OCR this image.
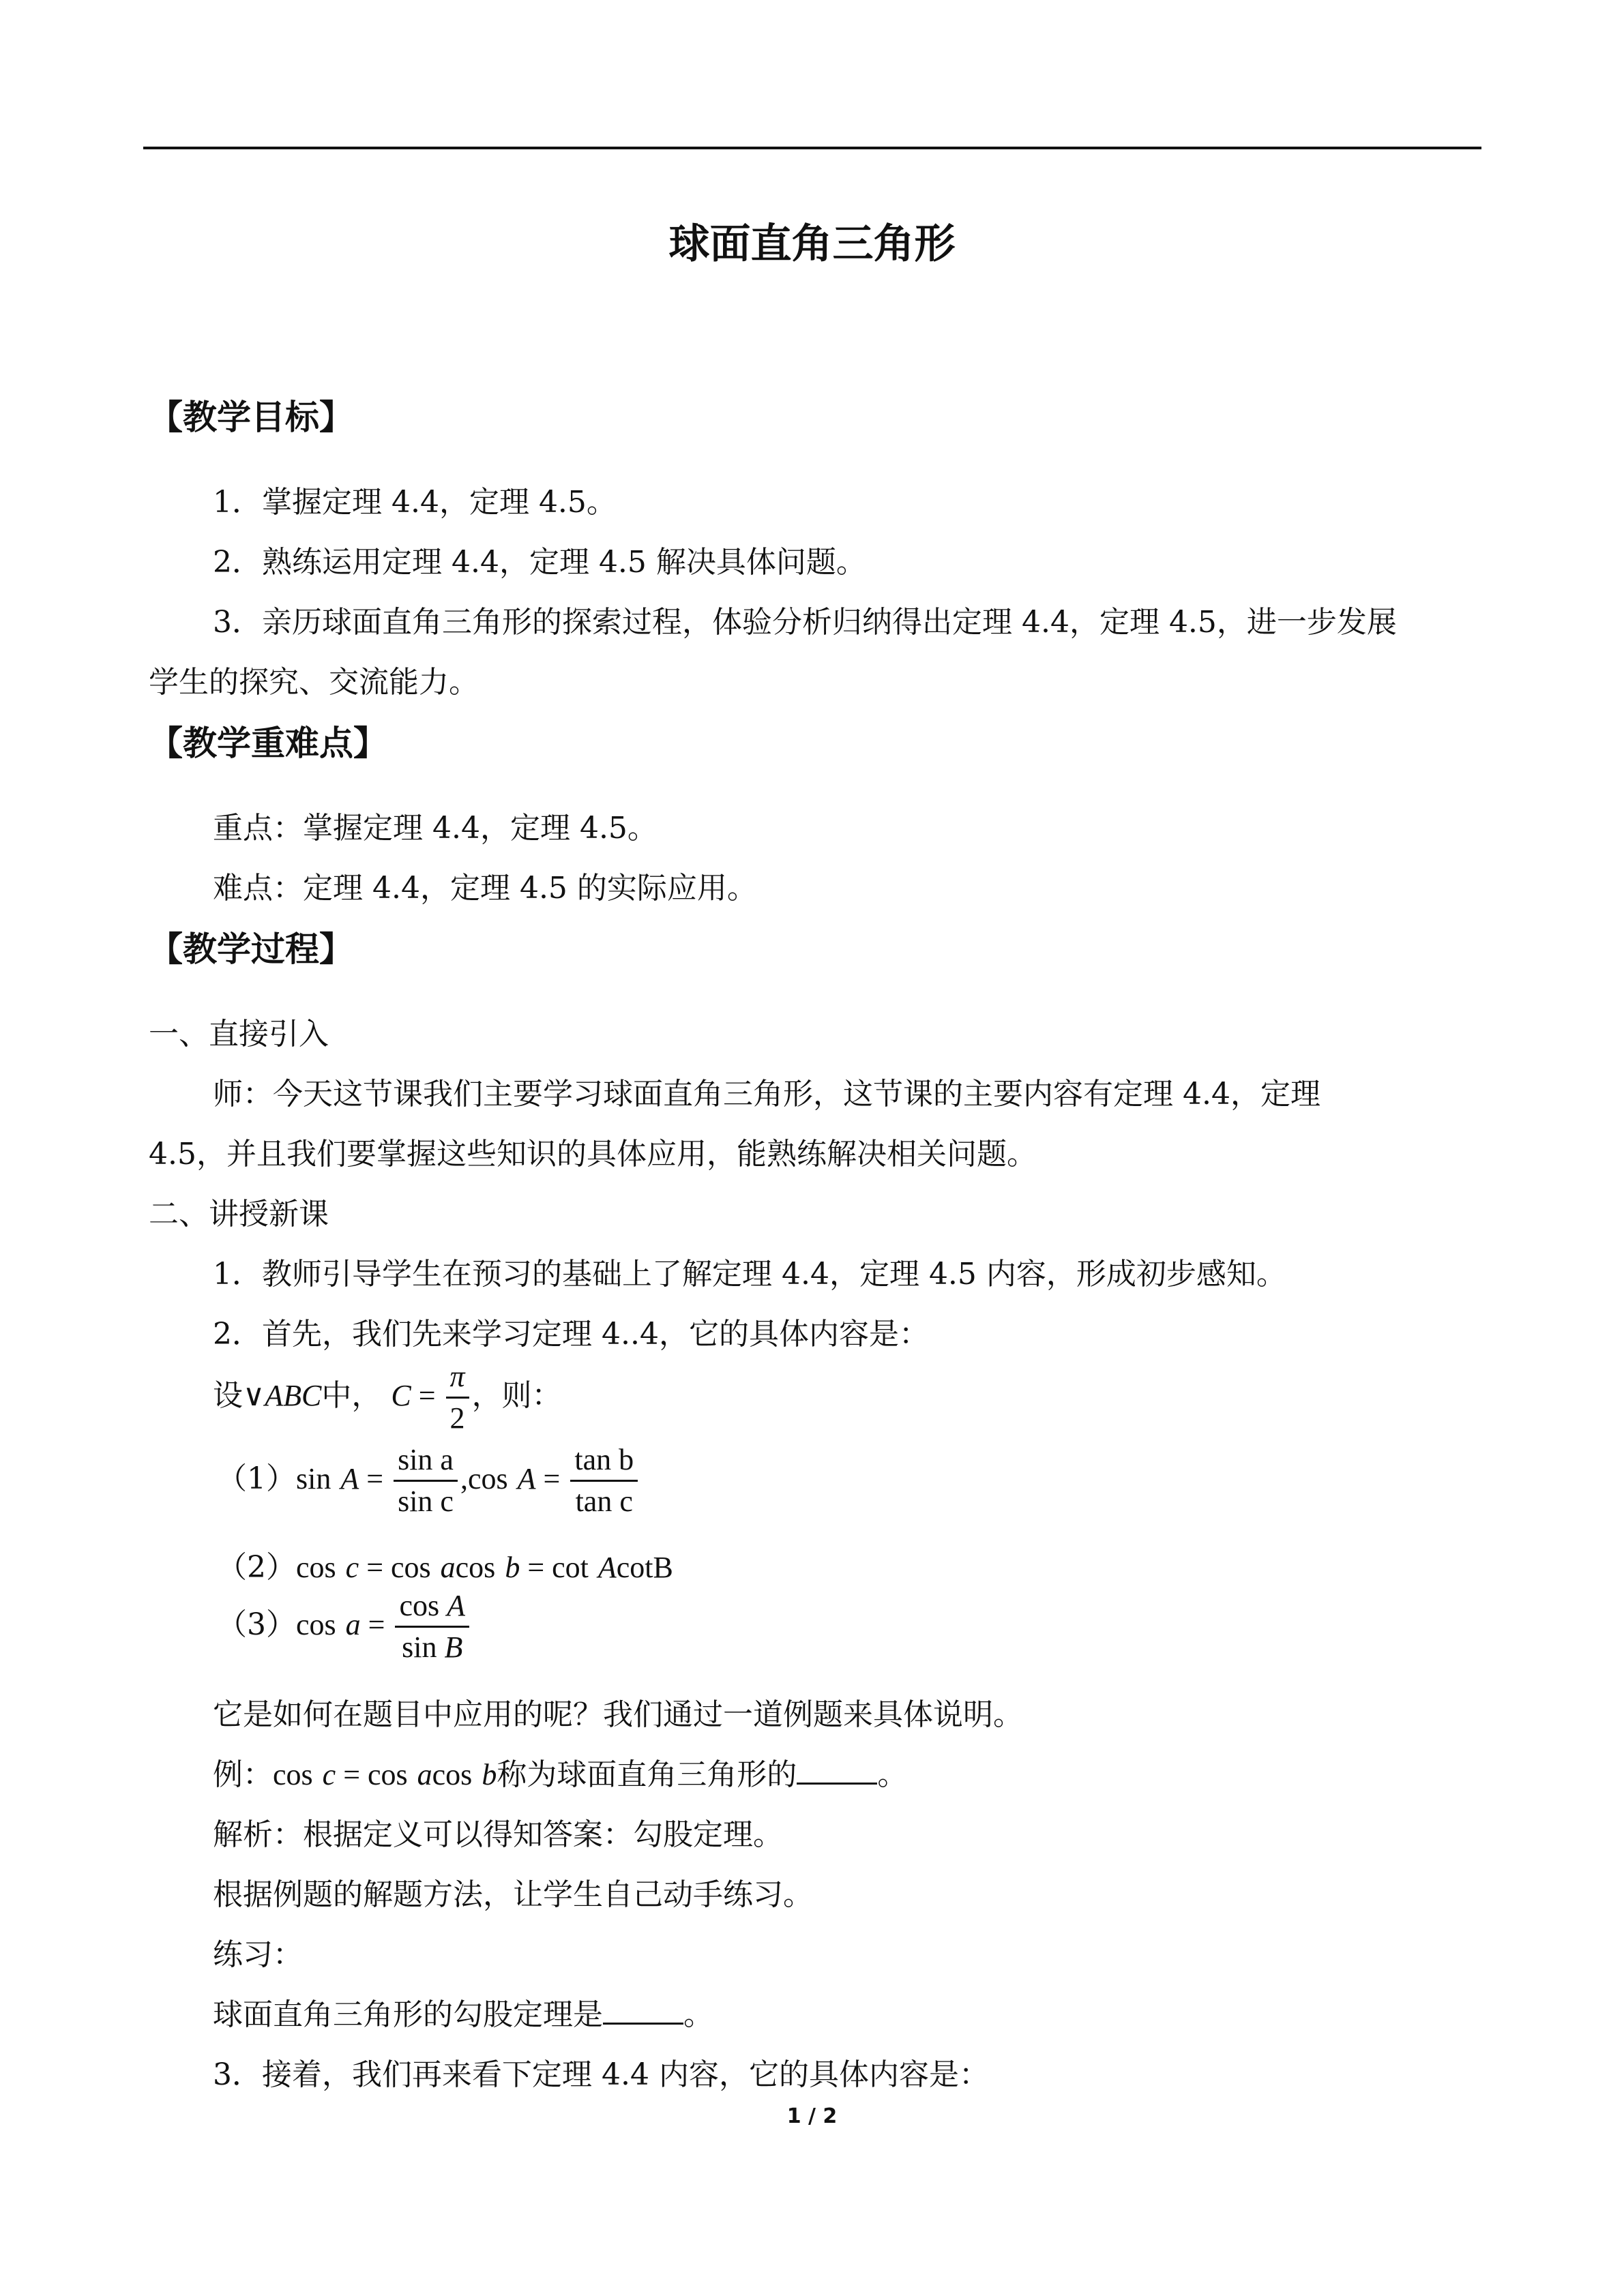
球面直角三角形
【教学目标】
1．掌握定理 4.4，定理 4.5。
2．熟练运用定理 4.4，定理 4.5 解决具体问题。
3．亲历球面直角三角形的探索过程，体验分析归纳得出定理 4.4，定理 4.5，进一步发展
学生的探究、交流能力。
【教学重难点】
重点：掌握定理 4.4，定理 4.5。
难点：定理 4.4，定理 4.5 的实际应用。
【教学过程】
一、直接引入
师：今天这节课我们主要学习球面直角三角形，这节课的主要内容有定理 4.4，定理
4.5，并且我们要掌握这些知识的具体应用，能熟练解决相关问题。
二、讲授新课
1．教师引导学生在预习的基础上了解定理 4.4，定理 4.5 内容，形成初步感知。
2．首先，我们先来学习定理 4..4，它的具体内容是：
设∨ABC中， $C = \frac{\pi}{2}$ ，则：
（1）sin $A = \frac{\text{sin a}}{\text{sin c}} ,\cos$ $A = \frac{\text{tan b}}{\text{tan c}}$
（2）cos c = cos acos b = cot AcotB
（3）cos $a = \frac{\text{cos A}}{\text{sin B}}$
它是如何在题目中应用的呢？我们通过一道例题来具体说明。
例：cos c = cos acos b称为球面直角三角形的	。
解析：根据定义可以得知答案：勾股定理。
根据例题的解题方法，让学生自己动手练习。
练习：
球面直角三角形的勾股定理是	。
3．接着，我们再来看下定理 4.4 内容，它的具体内容是：
1 / 2
